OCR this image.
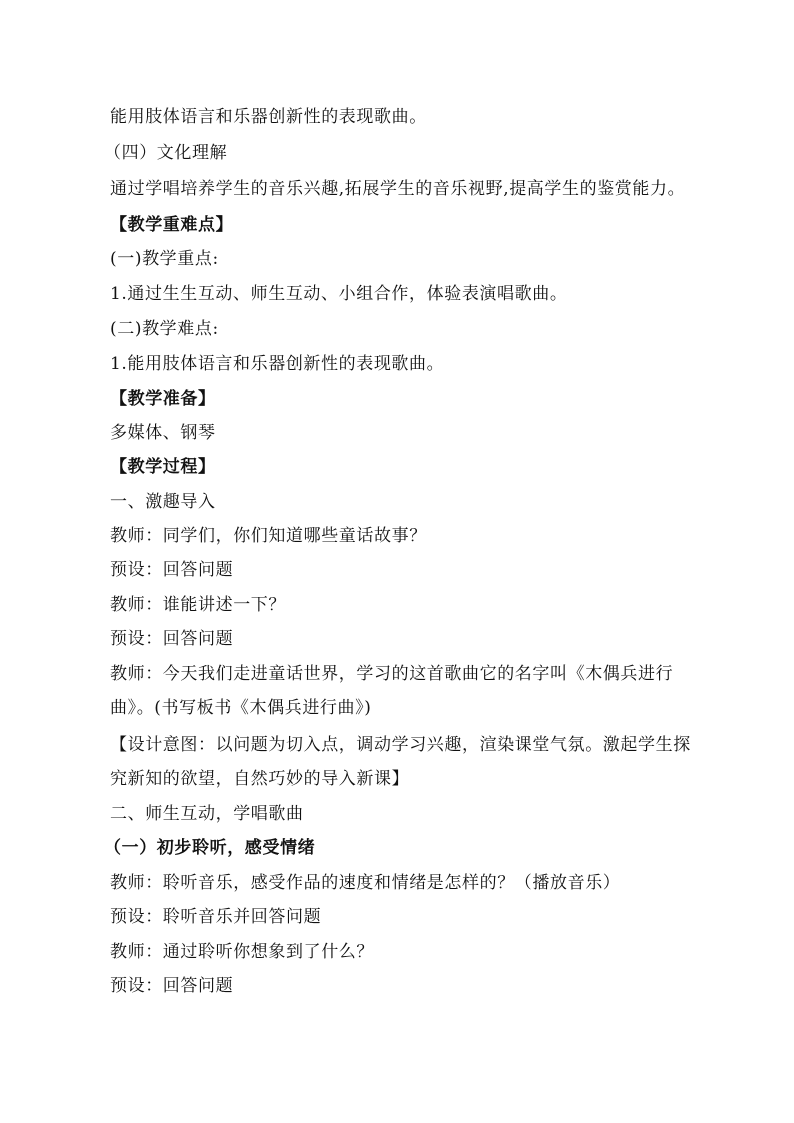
能用肢体语言和乐器创新性的表现歌曲。
（四）文化理解
通过学唱培养学生的音乐兴趣,拓展学生的音乐视野,提高学生的鉴赏能力。
【教学重难点】
(一)教学重点:
1.通过生生互动、师生互动、小组合作，体验表演唱歌曲。
(二)教学难点:
1.能用肢体语言和乐器创新性的表现歌曲。
【教学准备】
多媒体、钢琴
【教学过程】
一、激趣导入
教师：同学们，你们知道哪些童话故事？
预设：回答问题
教师：谁能讲述一下？
预设：回答问题
教师：今天我们走进童话世界，学习的这首歌曲它的名字叫《木偶兵进行
曲》。(书写板书《木偶兵进行曲》)
【设计意图：以问题为切入点，调动学习兴趣，渲染课堂气氛。激起学生探
究新知的欲望，自然巧妙的导入新课】
二、师生互动，学唱歌曲
（一）初步聆听，感受情绪
教师：聆听音乐，感受作品的速度和情绪是怎样的？（播放音乐）
预设：聆听音乐并回答问题
教师：通过聆听你想象到了什么？
预设：回答问题
